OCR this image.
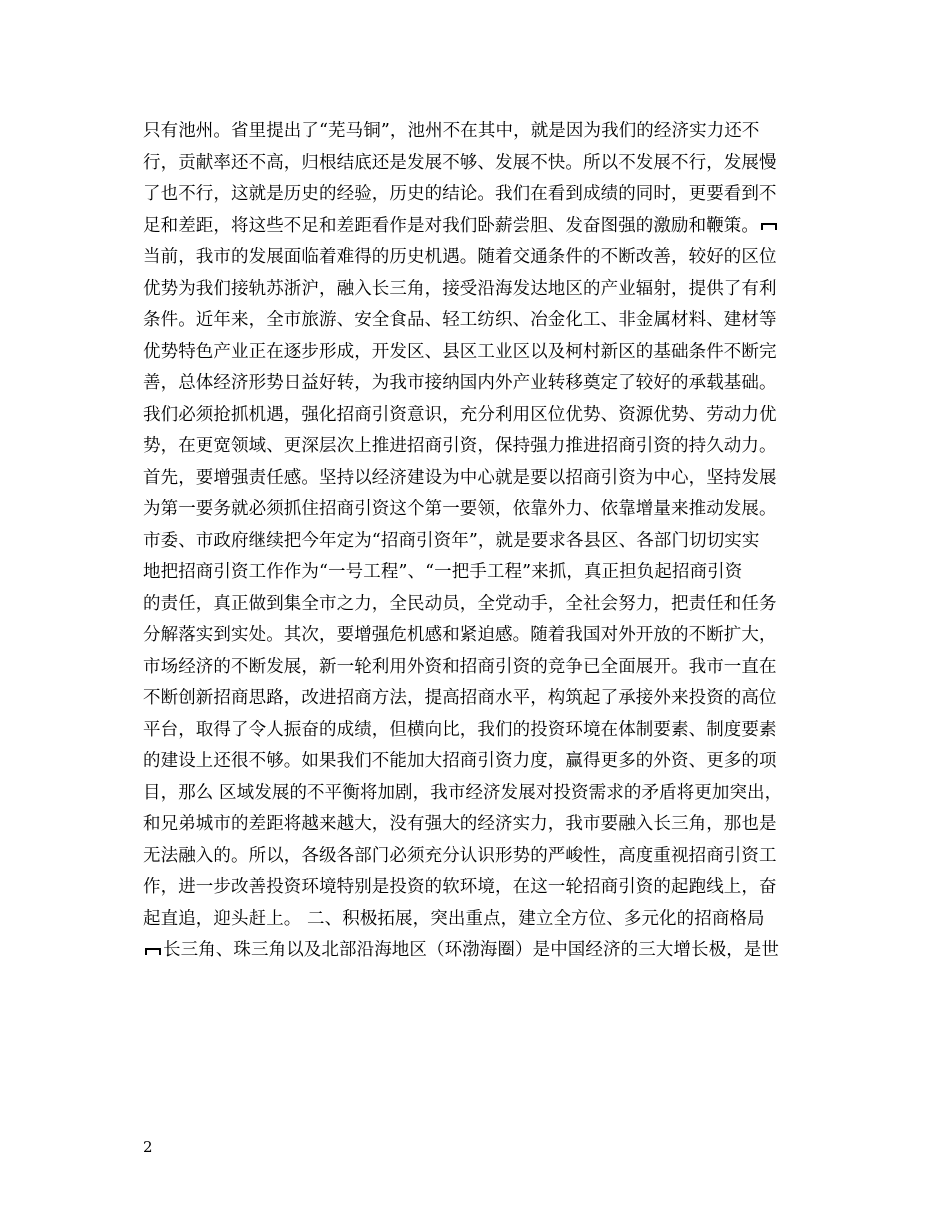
只有池州。省里提出了“芜马铜”，池州不在其中，就是因为我们的经济实力还不
行，贡献率还不高，归根结底还是发展不够、发展不快。所以不发展不行，发展慢
了也不行，这就是历史的经验，历史的结论。我们在看到成绩的同时，更要看到不
足和差距，将这些不足和差距看作是对我们卧薪尝胆、发奋图强的激励和鞭策。
当前，我市的发展面临着难得的历史机遇。随着交通条件的不断改善，较好的区位
优势为我们接轨苏浙沪，融入长三角，接受沿海发达地区的产业辐射，提供了有利
条件。近年来，全市旅游、安全食品、轻工纺织、冶金化工、非金属材料、建材等
优势特色产业正在逐步形成，开发区、县区工业区以及柯村新区的基础条件不断完
善，总体经济形势日益好转，为我市接纳国内外产业转移奠定了较好的承载基础。
我们必须抢抓机遇，强化招商引资意识，充分利用区位优势、资源优势、劳动力优
势，在更宽领域、更深层次上推进招商引资，保持强力推进招商引资的持久动力。
首先，要增强责任感。坚持以经济建设为中心就是要以招商引资为中心，坚持发展
为第一要务就必须抓住招商引资这个第一要领，依靠外力、依靠增量来推动发展。
市委、市政府继续把今年定为“招商引资年”，就是要求各县区、各部门切切实实
地把招商引资工作作为“一号工程”、“一把手工程”来抓，真正担负起招商引资
的责任，真正做到集全市之力，全民动员，全党动手，全社会努力，把责任和任务
分解落实到实处。其次，要增强危机感和紧迫感。随着我国对外开放的不断扩大，
市场经济的不断发展，新一轮利用外资和招商引资的竞争已全面展开。我市一直在
不断创新招商思路，改进招商方法，提高招商水平，构筑起了承接外来投资的高位
平台，取得了令人振奋的成绩，但横向比，我们的投资环境在体制要素、制度要素
的建设上还很不够。如果我们不能加大招商引资力度，赢得更多的外资、更多的项
目，那么 区域发展的不平衡将加剧，我市经济发展对投资需求的矛盾将更加突出，
和兄弟城市的差距将越来越大，没有强大的经济实力，我市要融入长三角，那也是
无法融入的。所以，各级各部门必须充分认识形势的严峻性，高度重视招商引资工
作，进一步改善投资环境特别是投资的软环境，在这一轮招商引资的起跑线上，奋
起直追，迎头赶上。 二、积极拓展，突出重点，建立全方位、多元化的招商格局
长三角、珠三角以及北部沿海地区（环渤海圈）是中国经济的三大增长极，是世
2
